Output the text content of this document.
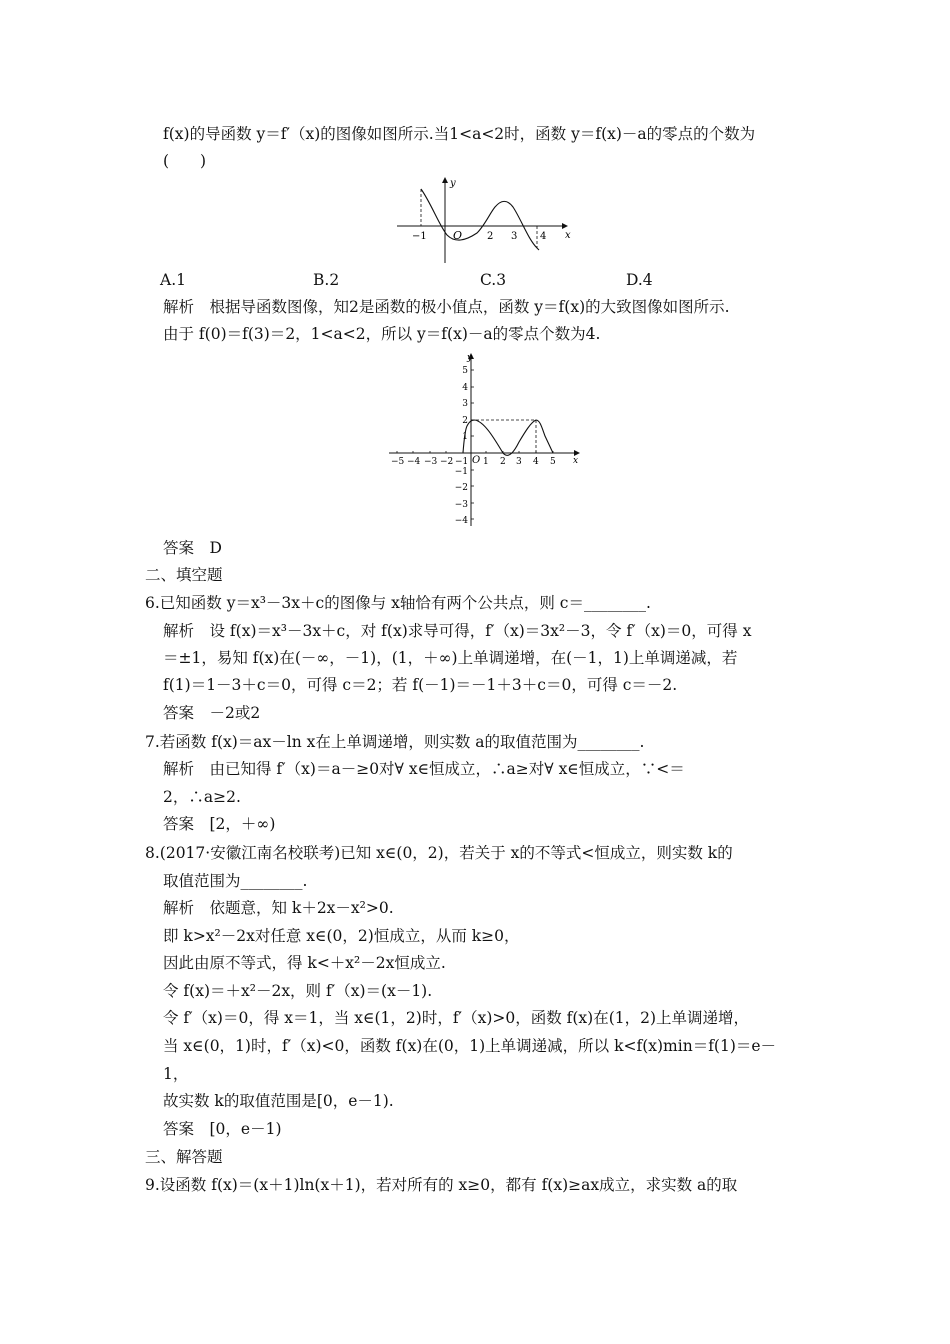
f(x)的导函数 y＝f′（x)的图像如图所示.当1<a<2时，函数 y＝f(x)－a的零点的个数为
(　　)
y
x
O
−1	2 3 4
A.1	B.2	C.3	D.4
解析　根据导函数图像，知2是函数的极小值点，函数 y＝f(x)的大致图像如图所示.
由于 f(0)＝f(3)＝2，1<a<2，所以 y＝f(x)－a的零点个数为4.
y
x
O
−5 −4 −3 −2 −1 1 2 3 4 5
5
4
3
2
1
−1
−2
−3
−4
答案　D
二、填空题
6.已知函数 y＝x³－3x＋c的图像与 x轴恰有两个公共点，则 c＝________.
解析　设 f(x)＝x³－3x＋c，对 f(x)求导可得，f′（x)＝3x²－3，令 f′（x)＝0，可得 x
＝±1，易知 f(x)在(－∞，－1)，(1，＋∞)上单调递增，在(－1，1)上单调递减，若
f(1)＝1－3＋c＝0，可得 c＝2；若 f(－1)＝－1＋3＋c＝0，可得 c＝－2.
答案　－2或2
7.若函数 f(x)＝ax－ln x在上单调递增，则实数 a的取值范围为________.
解析　由已知得 f′（x)＝a－≥0对∀ x∈恒成立，∴a≥对∀ x∈恒成立，∵<＝
2，∴a≥2.
答案　[2，＋∞)
8.(2017·安徽江南名校联考)已知 x∈(0，2)，若关于 x的不等式<恒成立，则实数 k的
取值范围为________.
解析　依题意，知 k＋2x－x²>0.
即 k>x²－2x对任意 x∈(0，2)恒成立，从而 k≥0，
因此由原不等式，得 k<＋x²－2x恒成立.
令 f(x)＝＋x²－2x，则 f′（x)＝(x－1).
令 f′（x)＝0，得 x＝1，当 x∈(1，2)时，f′（x)>0，函数 f(x)在(1，2)上单调递增，
当 x∈(0，1)时，f′（x)<0，函数 f(x)在(0，1)上单调递减，所以 k<f(x)min＝f(1)＝e－
1，
故实数 k的取值范围是[0，e－1).
答案　[0，e－1)
三、解答题
9.设函数 f(x)＝(x＋1)ln(x＋1)，若对所有的 x≥0，都有 f(x)≥ax成立，求实数 a的取
